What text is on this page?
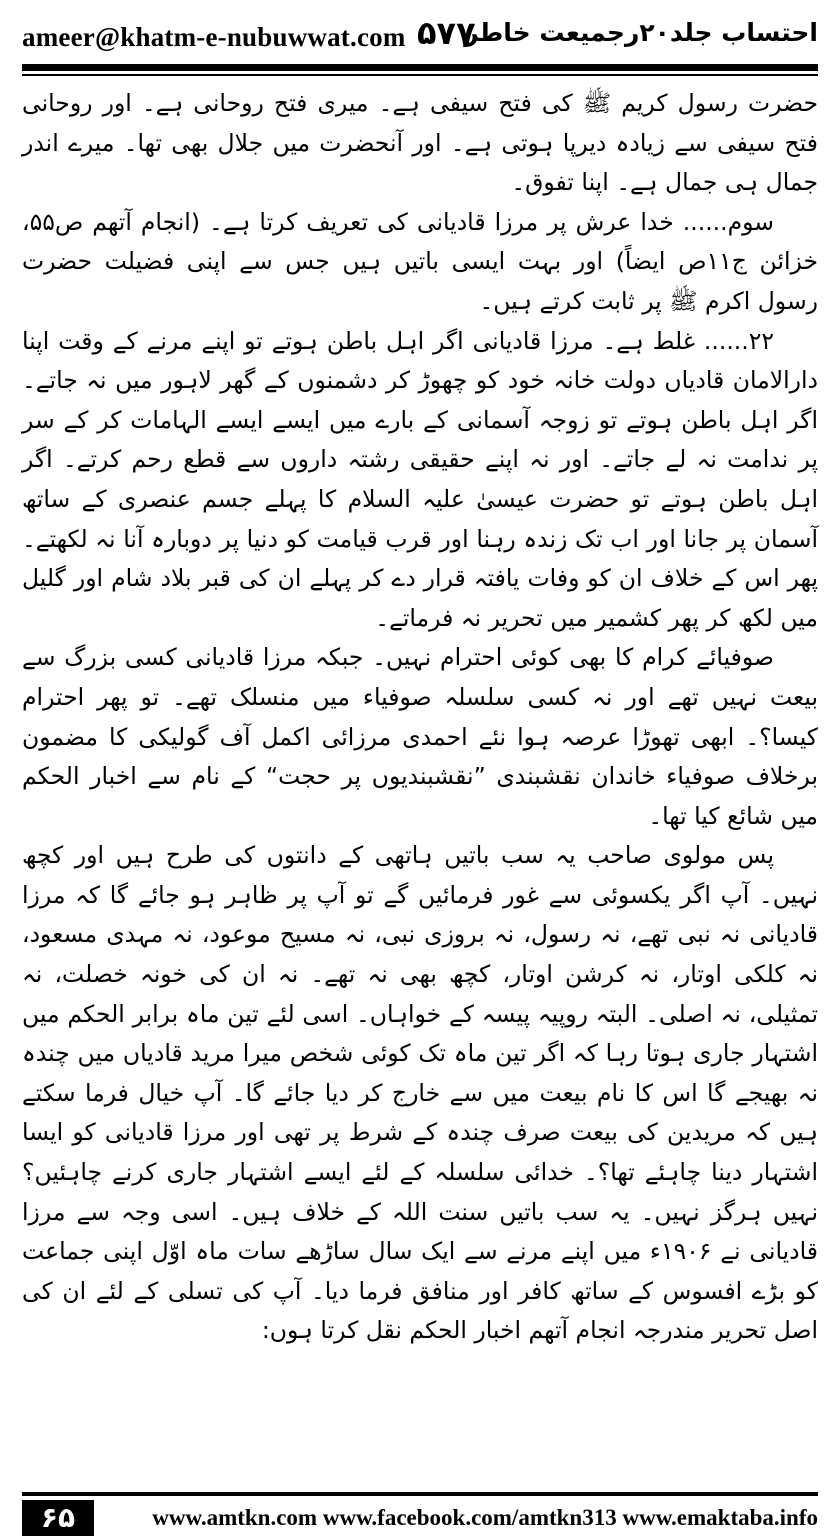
ameer@khatm-e-nubuwwat.com ۵۷۷
احتساب جلد۲۰رجمیعت خاطر

حضرت رسول کریم ﷺ کی فتح سیفی ہے۔ میری فتح روحانی ہے۔ اور روحانی فتح سیفی سے زیادہ دیرپا ہوتی ہے۔ اور آنحضرت میں جلال بھی تھا۔ میرے اندر جمال ہی جمال ہے۔ اپنا تفوق۔

سوم...... خدا عرش پر مرزا قادیانی کی تعریف کرتا ہے۔ (انجام آتھم ص۵۵، خزائن ج۱۱ص ایضاً) اور بہت ایسی باتیں ہیں جس سے اپنی فضیلت حضرت رسول اکرم ﷺ پر ثابت کرتے ہیں۔

۲۲...... غلط ہے۔ مرزا قادیانی اگر اہل باطن ہوتے تو اپنے مرنے کے وقت اپنا دارالامان قادیاں دولت خانہ خود کو چھوڑ کر دشمنوں کے گھر لاہور میں نہ جاتے۔ اگر اہل باطن ہوتے تو زوجہ آسمانی کے بارے میں ایسے ایسے الہامات کر کے سر پر ندامت نہ لے جاتے۔ اور نہ اپنے حقیقی رشتہ داروں سے قطع رحم کرتے۔ اگر اہل باطن ہوتے تو حضرت عیسیٰ علیہ السلام کا پہلے جسم عنصری کے ساتھ آسمان پر جانا اور اب تک زندہ رہنا اور قرب قیامت کو دنیا پر دوبارہ آنا نہ لکھتے۔ پھر اس کے خلاف ان کو وفات یافتہ قرار دے کر پہلے ان کی قبر بلاد شام اور گلیل میں لکھ کر پھر کشمیر میں تحریر نہ فرماتے۔

صوفیائے کرام کا بھی کوئی احترام نہیں۔ جبکہ مرزا قادیانی کسی بزرگ سے بیعت نہیں تھے اور نہ کسی سلسلہ صوفیاء میں منسلک تھے۔ تو پھر احترام کیسا؟۔ ابھی تھوڑا عرصہ ہوا نئے احمدی مرزائی اکمل آف گولیکی کا مضمون برخلاف صوفیاء خاندان نقشبندی ”نقشبندیوں پر حجت“ کے نام سے اخبار الحکم میں شائع کیا تھا۔

پس مولوی صاحب یہ سب باتیں ہاتھی کے دانتوں کی طرح ہیں اور کچھ نہیں۔ آپ اگر یکسوئی سے غور فرمائیں گے تو آپ پر ظاہر ہو جائے گا کہ مرزا قادیانی نہ نبی تھے، نہ رسول، نہ بروزی نبی، نہ مسیح موعود، نہ مہدی مسعود، نہ کلکی اوتار، نہ کرشن اوتار، کچھ بھی نہ تھے۔ نہ ان کی خونہ خصلت، نہ تمثیلی، نہ اصلی۔ البتہ روپیہ پیسہ کے خواہاں۔ اسی لئے تین ماہ برابر الحکم میں اشتہار جاری ہوتا رہا کہ اگر تین ماہ تک کوئی شخص میرا مرید قادیاں میں چندہ نہ بھیجے گا اس کا نام بیعت میں سے خارج کر دیا جائے گا۔ آپ خیال فرما سکتے ہیں کہ مریدین کی بیعت صرف چندہ کے شرط پر تھی اور مرزا قادیانی کو ایسا اشتہار دینا چاہئے تھا؟۔ خدائی سلسلہ کے لئے ایسے اشتہار جاری کرنے چاہئیں؟ نہیں ہرگز نہیں۔ یہ سب باتیں سنت اللہ کے خلاف ہیں۔ اسی وجہ سے مرزا قادیانی نے ۱۹۰۶ء میں اپنے مرنے سے ایک سال ساڑھے سات ماہ اوّل اپنی جماعت کو بڑے افسوس کے ساتھ کافر اور منافق فرما دیا۔ آپ کی تسلی کے لئے ان کی اصل تحریر مندرجہ انجام آتھم اخبار الحکم نقل کرتا ہوں:

۶۵	www.amtkn.com www.facebook.com/amtkn313 www.emaktaba.info
